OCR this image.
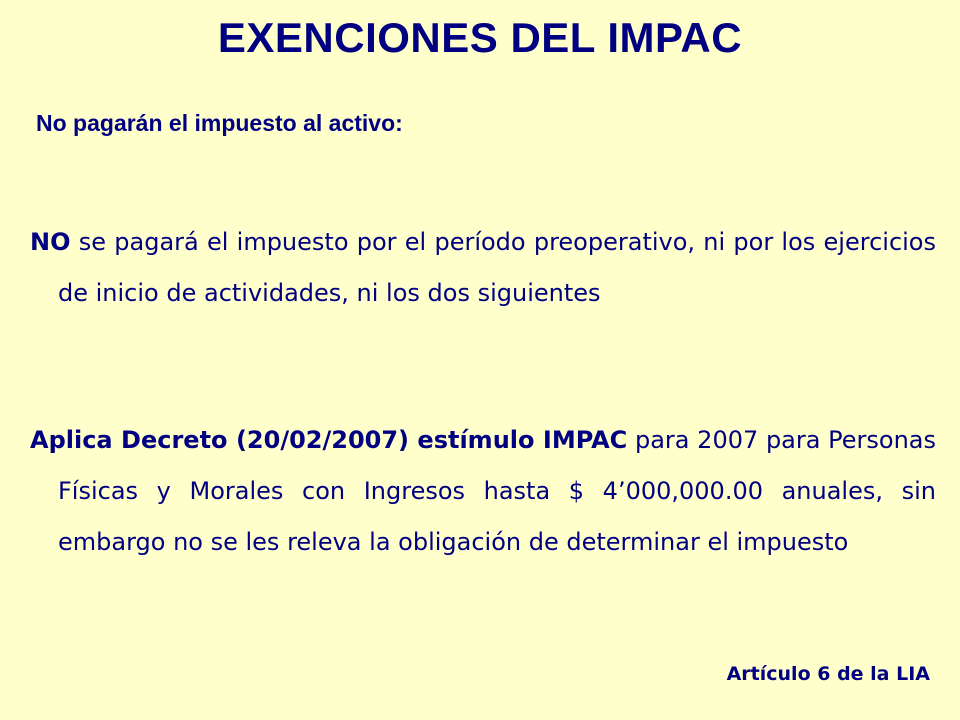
EXENCIONES DEL IMPAC
No pagarán el impuesto al activo:

NO se pagará el impuesto por el período preoperativo, ni por los ejercicios de inicio de actividades, ni los dos siguientes

Aplica Decreto (20/02/2007) estímulo IMPAC para 2007 para Personas Físicas y Morales con Ingresos hasta $ 4’000,000.00 anuales, sin embargo no se les releva la obligación de determinar el impuesto

Artículo 6 de la LIA
